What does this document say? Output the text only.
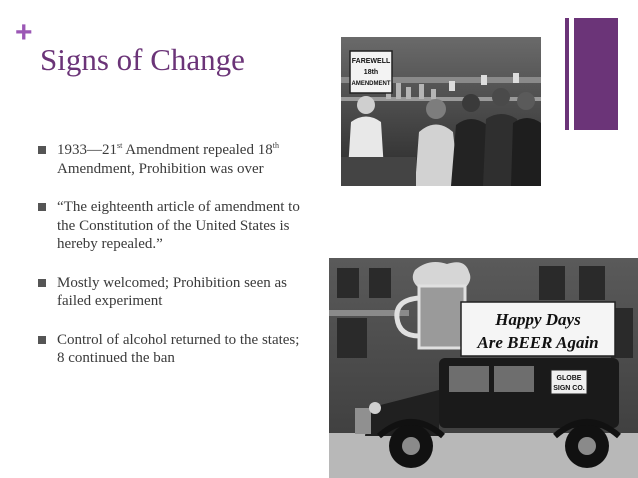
+
Signs of Change
1933—21st Amendment repealed 18th Amendment, Prohibition was over
“The eighteenth article of amendment to the Constitution of the United States is hereby repealed.”
Mostly welcomed; Prohibition seen as failed experiment
Control of alcohol returned to the states; 8 continued the ban
FAREWELL
18th
AMENDMENT
Happy Days
Are BEER Again
GLOBE
SIGN CO.
